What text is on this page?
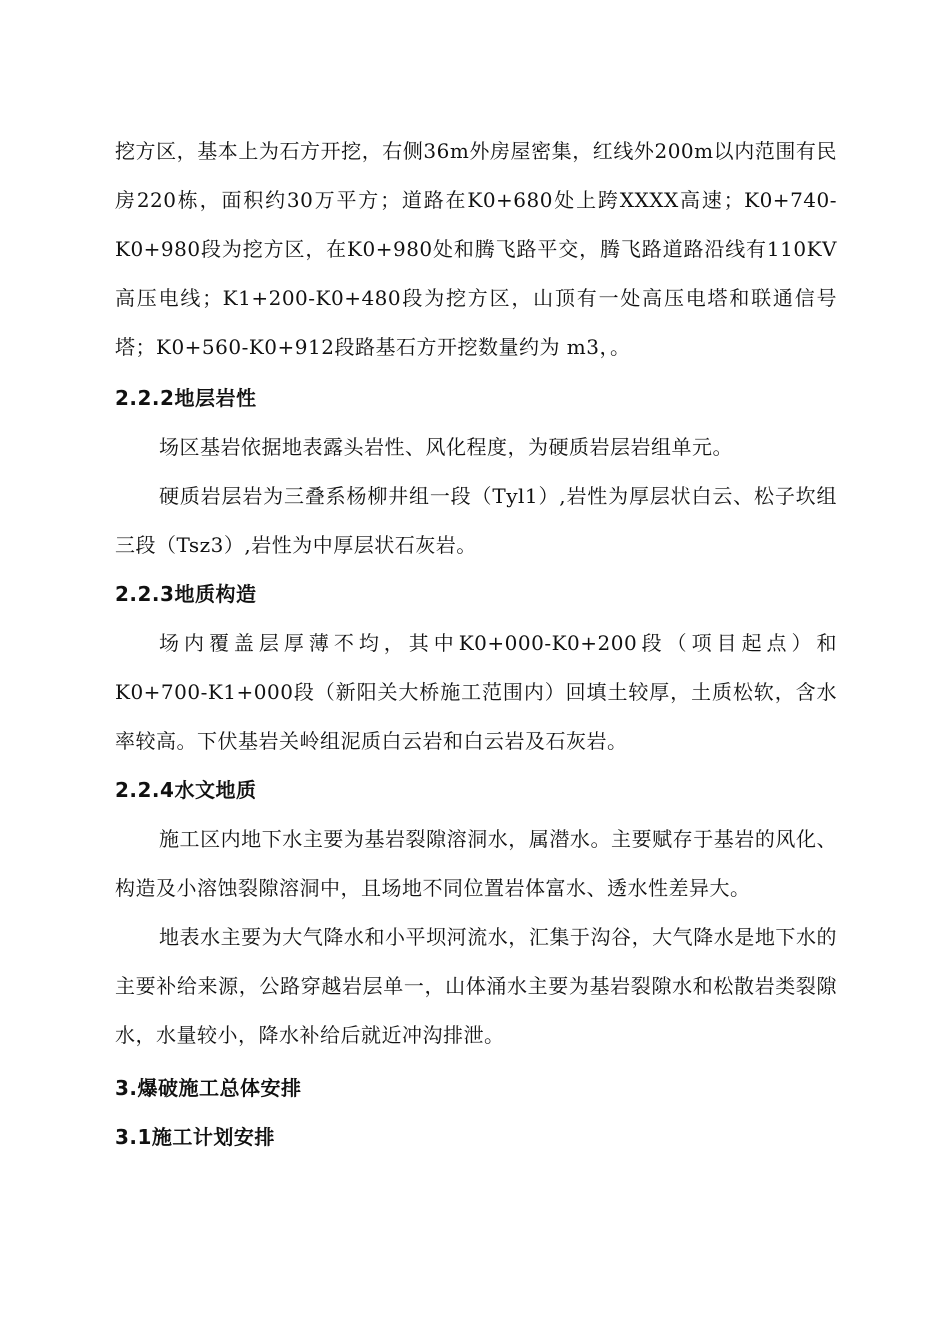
挖方区，基本上为石方开挖，右侧36m外房屋密集，红线外200m以内范围有民房220栋，面积约30万平方；道路在K0+680处上跨XXXX高速；K0+740-K0+980段为挖方区，在K0+980处和腾飞路平交，腾飞路道路沿线有110KV高压电线；K1+200-K0+480段为挖方区，山顶有一处高压电塔和联通信号塔；K0+560-K0+912段路基石方开挖数量约为 m3，。

2.2.2地层岩性

场区基岩依据地表露头岩性、风化程度，为硬质岩层岩组单元。

硬质岩层岩为三叠系杨柳井组一段（Tyl1）,岩性为厚层状白云、松子坎组三段（Tsz3）,岩性为中厚层状石灰岩。

2.2.3地质构造

场内覆盖层厚薄不均，其中K0+000-K0+200段（项目起点）和K0+700-K1+000段（新阳关大桥施工范围内）回填土较厚，土质松软，含水率较高。下伏基岩关岭组泥质白云岩和白云岩及石灰岩。

2.2.4水文地质

施工区内地下水主要为基岩裂隙溶洞水，属潜水。主要赋存于基岩的风化、构造及小溶蚀裂隙溶洞中，且场地不同位置岩体富水、透水性差异大。

地表水主要为大气降水和小平坝河流水，汇集于沟谷，大气降水是地下水的主要补给来源，公路穿越岩层单一，山体涌水主要为基岩裂隙水和松散岩类裂隙水，水量较小，降水补给后就近冲沟排泄。

3.爆破施工总体安排
3.1施工计划安排
